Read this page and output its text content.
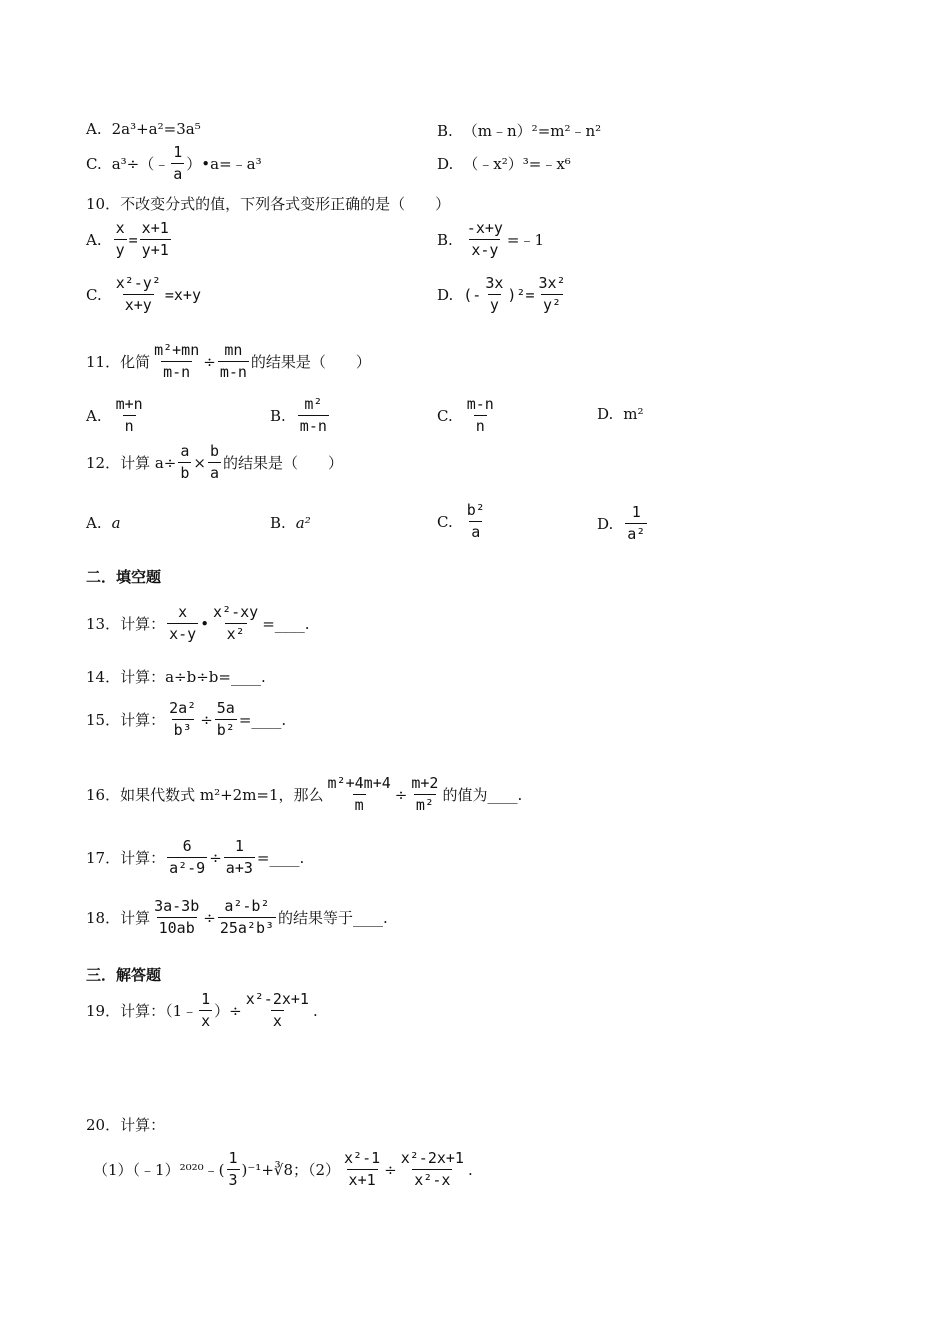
A. 2a³+a²=3a⁵	B. （m﹣n）²=m²﹣n²
C. a³÷（﹣ $\frac{1}{a}$ ）•a=﹣a³	D. （﹣x²）³=﹣x⁶
10．不改变分式的值，下列各式变形正确的是（　　）
A. $\frac{x}{y} = \frac{x+1}{y+1}$	B. $\frac{-x+y}{x-y}$ =﹣1
C. $\frac{\text{x²-y²}}{x+y} =x+y$	D. (- $\frac{3x}{y} )^2= \frac{\text{3x²}}{\text{y²}}$
11．化简 $\frac{\text{m²+mn}}{m-n} \div \frac{mn}{m-n}$ 的结果是（　　）
A. $\frac{m+n}{n}$	B. $\frac{\text{m²}}{m-n}$	C. $\frac{m-n}{n}$	D. m²
12．计算 $a\div \frac{a}{b} \times \frac{b}{a}$ 的结果是（　　）
A. a	B. a²	C. $\frac{\text{b²}}{a}$	D. $\frac{1}{\text{a²}}$
二．填空题
13．计算： $\frac{x}{x-y}$ • $\frac{\text{x²-xy}}{\text{x²}}$ =____.
14．计算：a÷b÷b=____.
15．计算： $\frac{\text{2a²}}{\text{b³}} \div \frac{5a}{\text{b²}}$ =____.
16．如果代数式 m²+2m=1，那么 $\frac{\text{m²+4m+4}}{m} \div \frac{m+2}{\text{m²}}$ 的值为____.
17．计算： $\frac{6}{\text{a²-9}} \div \frac{1}{a+3}$ =____.
18．计算 $\frac{3a-3b}{10ab} \div \frac{\text{a²-b²}}{\text{25a²b³}}$ 的结果等于____.
三．解答题
19．计算：（1﹣ $\frac{1}{x}$ ）÷ $\frac{\text{x²-2x+1}}{x}$ .
20．计算：
（1）（﹣1）²⁰²⁰﹣( $\frac{1}{3}$ )⁻¹+∛8；$(2) \frac{\text{x²-1}}{x+1} \div \frac{\text{x²-2x+1}}{\text{x²-x}}$ .
